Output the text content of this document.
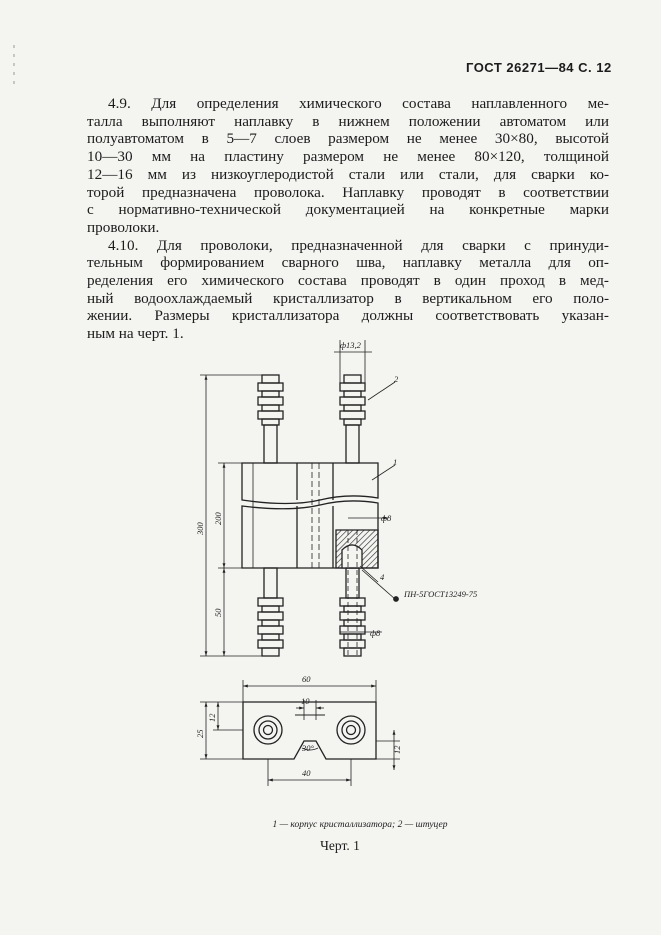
ГОСТ 26271—84 С. 12
4.9. Для определения химического состава наплавленного ме-
талла выполняют наплавку в нижнем положении автоматом или
полуавтоматом в 5—7 слоев размером не менее 30×80, высотой
10—30 мм на пластину размером не менее 80×120, толщиной
12—16 мм из низкоуглеродистой стали или стали, для сварки ко-
торой предназначена проволока. Наплавку проводят в соответствии
с нормативно-технической документацией на конкретные марки
проволоки.
4.10. Для проволоки, предназначенной для сварки с принуди-
тельным формированием сварного шва, наплавку металла для оп-
ределения его химического состава проводят в один проход в мед-
ный водоохлаждаемый кристаллизатор в вертикальном его поло-
жении. Размеры кристаллизатора должны соответствовать указан-
ным на черт. 1.
ф13,2
ф8
ф8
300
200
50
2
1
4
ПН-5ГОСТ13249-75
60
10
30°
40
25
12
12
1 — корпус кристаллизатора; 2 — штуцер
Черт. 1
